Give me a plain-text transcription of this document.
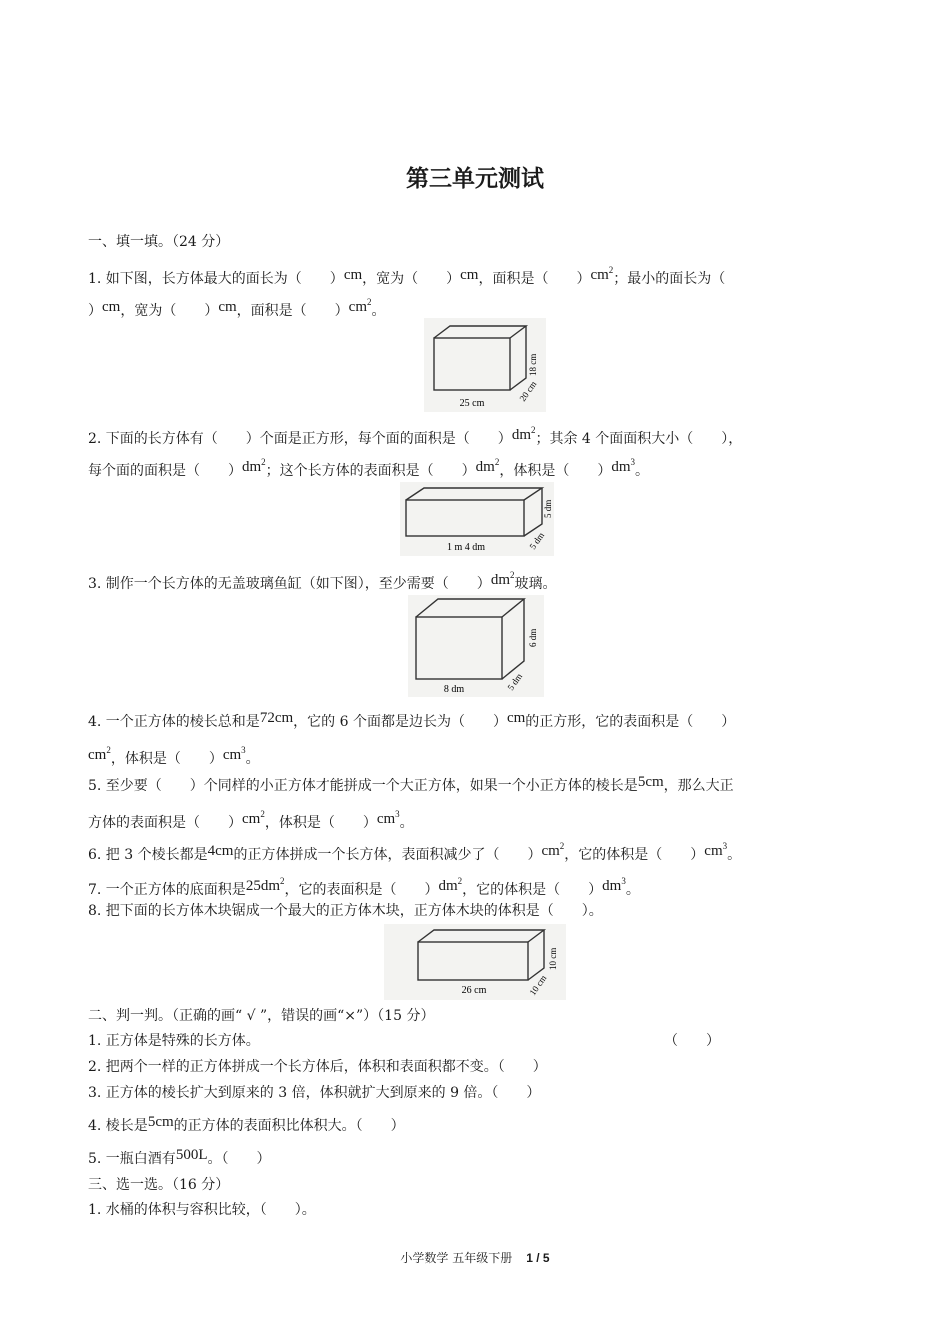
第三单元测试
一、填一填。（24 分）
1. 如下图，长方体最大的面长为（　　）cm，宽为（　　）cm，面积是（　　）$cm^2$；最小的面长为（
）cm，宽为（　　）cm，面积是（　　）$cm^2$。
25 cm
20 cm
18 cm
2. 下面的长方体有（　　）个面是正方形，每个面的面积是（　　）$dm^2$；其余 4 个面面积大小（　　），
每个面的面积是（　　）$dm^2$；这个长方体的表面积是（　　）$dm^2$，体积是（　　）$dm^3$。
1 m 4 dm	5 dm
5 dm
3. 制作一个长方体的无盖玻璃鱼缸（如下图），至少需要（　　）$dm^2$玻璃。
8 dm	5 dm
6 dm
4. 一个正方体的棱长总和是72cm，它的 6 个面都是边长为（　　）cm的正方形，它的表面积是（　　）
$cm^2$，体积是（　　）$cm^3$。
5. 至少要（　　）个同样的小正方体才能拼成一个大正方体，如果一个小正方体的棱长是5cm，那么大正
方体的表面积是（　　）$cm^2$，体积是（　　）$cm^3$。
6. 把 3 个棱长都是4cm的正方体拼成一个长方体，表面积减少了（　　）$cm^2$，它的体积是（　　）$cm^3$。
7. 一个正方体的底面积是$25dm^2$，它的表面积是（　　）$dm^2$，它的体积是（　　）$dm^3$。
8. 把下面的长方体木块锯成一个最大的正方体木块，正方体木块的体积是（　　）。
26 cm	10 cm
10 cm
二、判一判。（正确的画“ √ ”，错误的画“×”）（15 分）
1. 正方体是特殊的长方体。	（　　）
2. 把两个一样的正方体拼成一个长方体后，体积和表面积都不变。（　　）
3. 正方体的棱长扩大到原来的 3 倍，体积就扩大到原来的 9 倍。（　　）
4. 棱长是5cm的正方体的表面积比体积大。（　　）
5. 一瓶白酒有500L。（　　）
三、选一选。（16 分）
1. 水桶的体积与容积比较，（　　）。
小学数学 五年级下册 1 / 5
